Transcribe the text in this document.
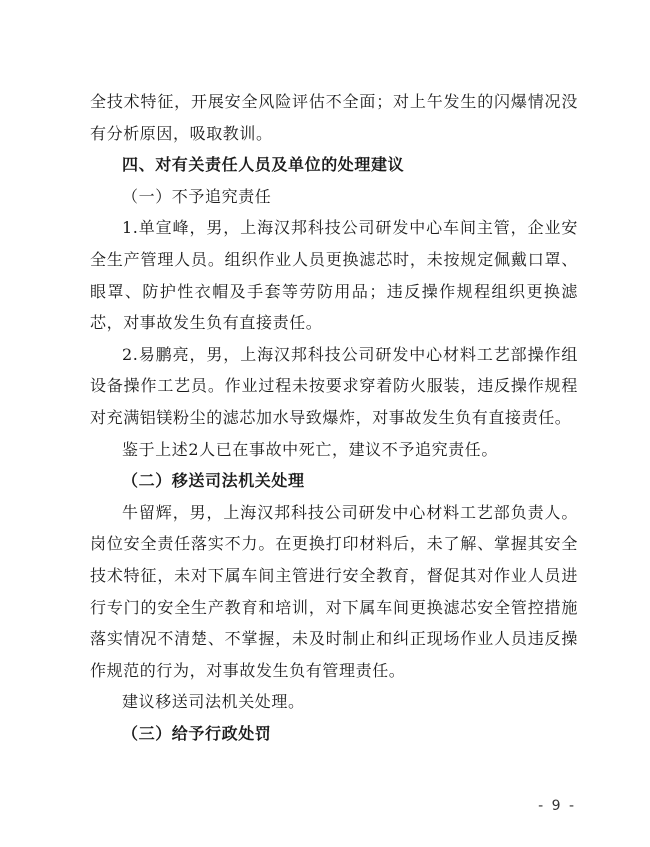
全技术特征，开展安全风险评估不全面；对上午发生的闪爆情况没有分析原因，吸取教训。

四、对有关责任人员及单位的处理建议

（一）不予追究责任

1.单宣峰，男，上海汉邦科技公司研发中心车间主管，企业安全生产管理人员。组织作业人员更换滤芯时，未按规定佩戴口罩、眼罩、防护性衣帽及手套等劳防用品；违反操作规程组织更换滤芯，对事故发生负有直接责任。

2.易鹏亮，男，上海汉邦科技公司研发中心材料工艺部操作组设备操作工艺员。作业过程未按要求穿着防火服装，违反操作规程对充满铝镁粉尘的滤芯加水导致爆炸，对事故发生负有直接责任。

鉴于上述2人已在事故中死亡，建议不予追究责任。

（二）移送司法机关处理

牛留辉，男，上海汉邦科技公司研发中心材料工艺部负责人。岗位安全责任落实不力。在更换打印材料后，未了解、掌握其安全技术特征，未对下属车间主管进行安全教育，督促其对作业人员进行专门的安全生产教育和培训，对下属车间更换滤芯安全管控措施落实情况不清楚、不掌握，未及时制止和纠正现场作业人员违反操作规范的行为，对事故发生负有管理责任。

建议移送司法机关处理。

（三）给予行政处罚

- 9 -
